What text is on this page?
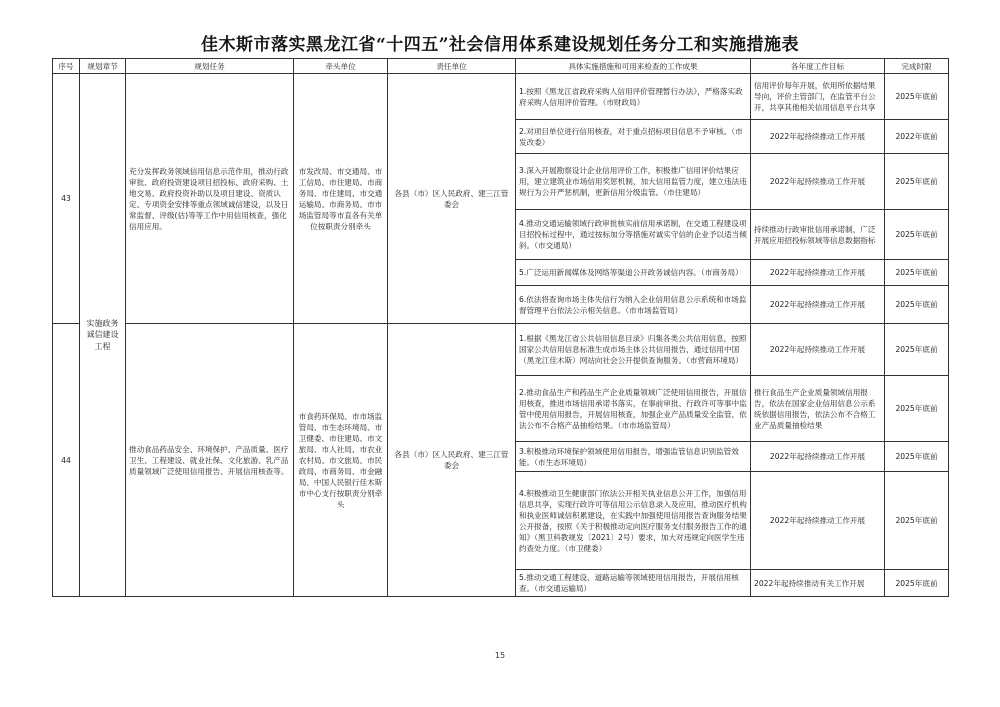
佳木斯市落实黑龙江省“十四五”社会信用体系建设规划任务分工和实施措施表
序号	规划章节	规划任务	牵头单位	责任单位	具体实施措施和可用来检查的工作成果	各年度工作目标	完成时限
43	实施政务诚信建设工程	充分发挥政务领域信用信息示范作用，推动行政审批、政府投资建设项目招投标、政府采购、土地交易、政府投资补助以及项目建设、资质认定、专项资金安排等重点领域诚信建设，以及日常监督、评级(估)等等工作中用信用核查，强化信用应用。	市发改局、市交通局、市工信局、市住建局、市商务局、市住建局、市交通运输局、市商务局、市市场监管局等市直各有关单位按职责分别牵头	各县（市）区人民政府、建三江管委会	1.按照《黑龙江省政府采购人信用评价管理暂行办法》，严格落实政府采购人信用评价管理。（市财政局）	信用评价每年开展，依用所依据结果导向，评价主管部门，在监管平台公开，共享其他相关信用信息平台共享	2025年底前
					2.对项目单位进行信用核查，对于重点招标项目信息不予审核。（市发改委）	2022年起持续推动工作开展	2022年底前
					3.深入开展勘察设计企业信用评价工作，积极推广信用评价结果应用，建立建筑业市场信用奖惩机制，加大信用监管力度，建立违法违规行为公开严惩机制，更新信用分级监管。（市住建局）	2022年起持续推动工作开展	2025年底前
					4.推动交通运输领域行政审批核实前信用承诺制，在交通工程建设项目招投标过程中，通过按标加分等措施对诚实守信的企业予以适当倾斜。（市交通局）	持续推动行政审批信用承诺制，广泛开展应用招投标领域等信息数据指标	2025年底前
					5.广泛运用新闻媒体及网络等渠道公开政务诚信内容。（市商务局）	2022年起持续推动工作开展	2025年底前
					6.依法将查询市场主体失信行为纳入企业信用信息公示系统和市场监督管理平台依法公示相关信息。（市市场监管局）	2022年起持续推动工作开展	2025年底前
44		推动食品药品安全、环境保护、产品质量、医疗卫生、工程建设、就业社保、文化旅游、乳产品质量领域广泛使用信用报告、开展信用核查等。	市食药环保局、市市场监管局、市生态环境局、市卫健委、市住建局、市文旅局、市人社局、市农业农村局、市文旅局、市民政局、市商务局、市金融局、中国人民银行佳木斯市中心支行按职责分别牵头	各县（市）区人民政府、建三江管委会	1.根据《黑龙江省公共信用信息目录》归集各类公共信用信息，按照国家公共信用信息标准生成市场主体公共信用报告，通过信用中国（黑龙江佳木斯）网站向社会公开提供查询服务。（市营商环境局）	2022年起持续推动工作开展	2025年底前
					2.推动食品生产和药品生产企业质量领域广泛使用信用报告，开展信用核查，推进市场信用承诺书落实，在事前审批、行政许可等事中监管中使用信用报告，开展信用核查，加强企业产品质量安全监管，依法公布不合格产品抽检结果。（市市场监管局）	推行食品生产企业质量领域信用报告，依法在国家企业信用信息公示系统依据信用报告，依法公布不合格工业产品质量抽检结果	2025年底前
					3.积极推动环境保护领域使用信用报告，增强监管信息识别监管效能。（市生态环境局）	2022年起持续推动工作开展	2025年底前
					4.积极推动卫生健康部门依法公开相关执业信息公开工作，加强信用信息共享，实现行政许可等信用公示信息录入及应用，推动医疗机构和执业医师诚信积累建设，在实践中加强使用信用报告查询服务结果公开报备，按照《关于积极推动定向医疗服务支付服务报告工作的通知》（黑卫科教规发〔2021〕2号）要求，加大对违规定向医学生违约查处力度。（市卫健委）	2022年起持续推动工作开展	2025年底前
					5.推动交通工程建设、道路运输等领域使用信用报告，开展信用核查。（市交通运输局）	2022年起持续推动有关工作开展	2025年底前
15
